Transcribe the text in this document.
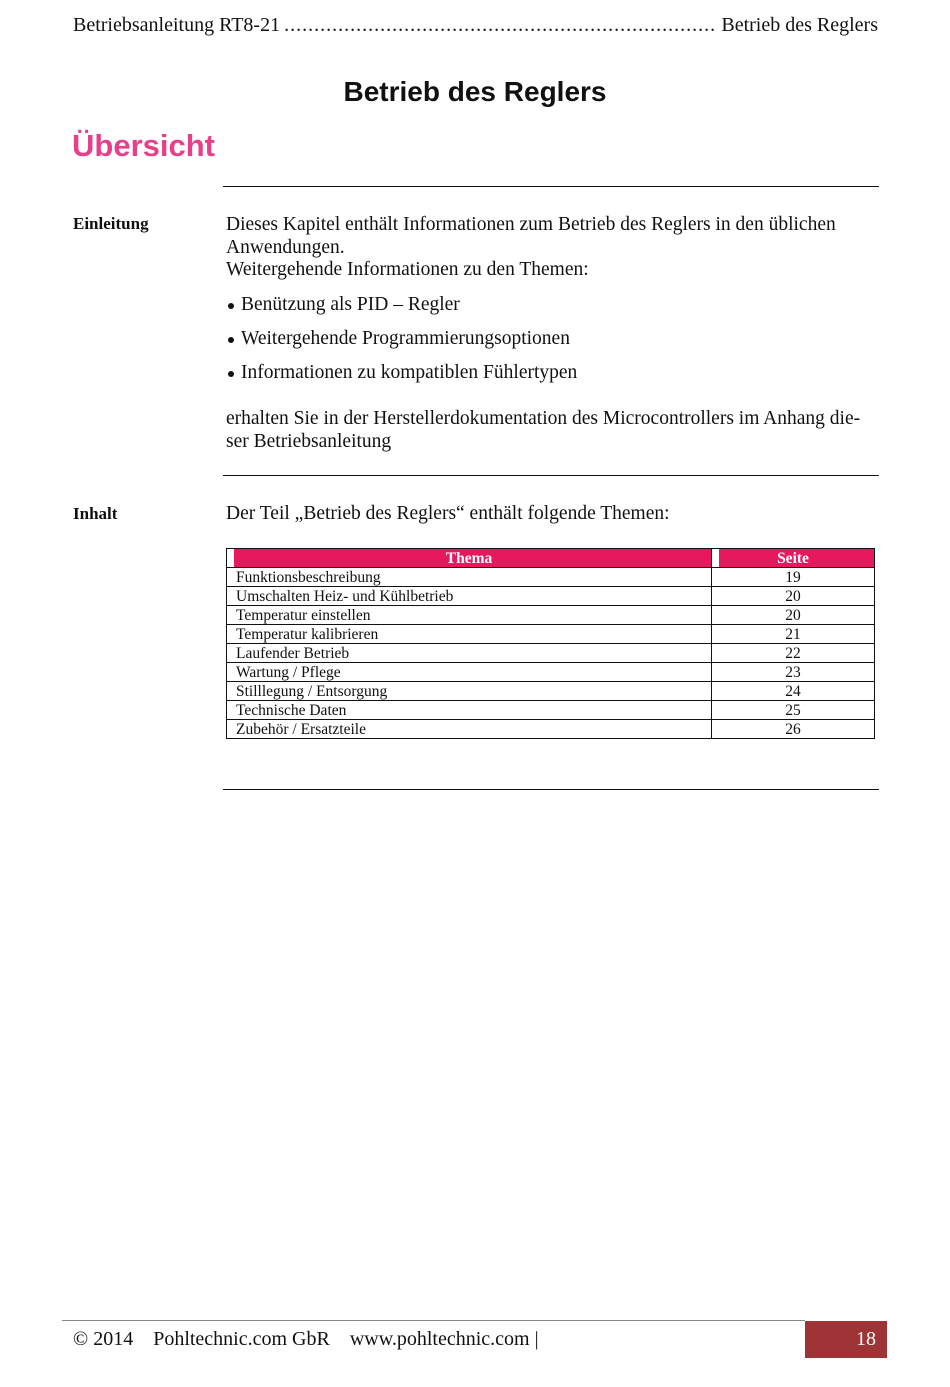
Betriebsanleitung RT8-21 .....	Betrieb des Reglers
Betrieb des Reglers
Übersicht
Einleitung	Dieses Kapitel enthält Informationen zum Betrieb des Reglers in den üblichen Anwendungen.
Weitergehende Informationen zu den Themen:
Benützung als PID – Regler
Weitergehende Programmierungsoptionen
Informationen zu kompatiblen Fühlertypen
erhalten Sie in der Herstellerdokumentation des Microcontrollers im Anhang die-
ser Betriebsanleitung
Inhalt	Der Teil „Betrieb des Reglers“ enthält folgende Themen:
Thema	Seite
Funktionsbeschreibung	19
Umschalten Heiz- und Kühlbetrieb	20
Temperatur einstellen	20
Temperatur kalibrieren	21
Laufender Betrieb	22
Wartung / Pflege	23
Stilllegung / Entsorgung	24
Technische Daten	25
Zubehör / Ersatzteile	26
© 2014    Pohltechnic.com GbR    www.pohltechnic.com |	18
